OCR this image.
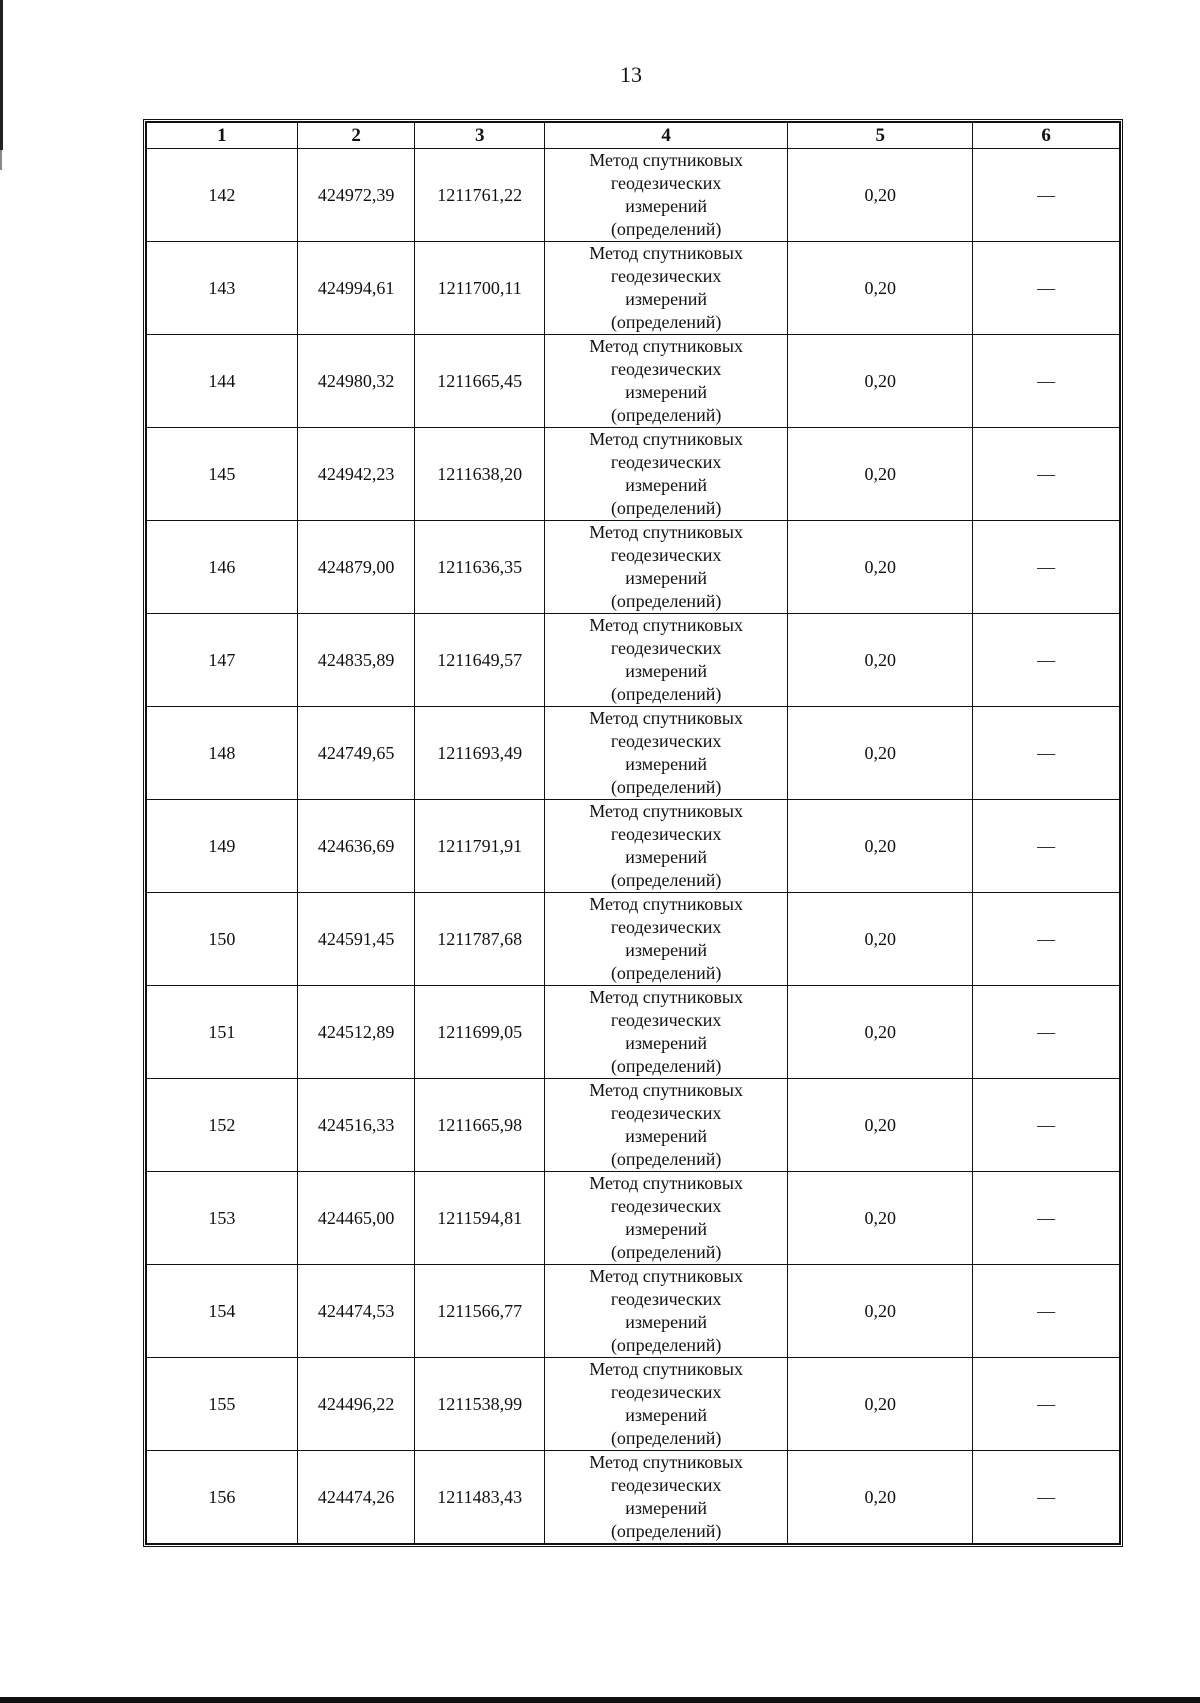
13
1	2	3	4	5	6
142	424972,39	1211761,22	Метод спутниковых
геодезических
измерений
(определений)	0,20	—
143	424994,61	1211700,11	Метод спутниковых
геодезических
измерений
(определений)	0,20	—
144	424980,32	1211665,45	Метод спутниковых
геодезических
измерений
(определений)	0,20	—
145	424942,23	1211638,20	Метод спутниковых
геодезических
измерений
(определений)	0,20	—
146	424879,00	1211636,35	Метод спутниковых
геодезических
измерений
(определений)	0,20	—
147	424835,89	1211649,57	Метод спутниковых
геодезических
измерений
(определений)	0,20	—
148	424749,65	1211693,49	Метод спутниковых
геодезических
измерений
(определений)	0,20	—
149	424636,69	1211791,91	Метод спутниковых
геодезических
измерений
(определений)	0,20	—
150	424591,45	1211787,68	Метод спутниковых
геодезических
измерений
(определений)	0,20	—
151	424512,89	1211699,05	Метод спутниковых
геодезических
измерений
(определений)	0,20	—
152	424516,33	1211665,98	Метод спутниковых
геодезических
измерений
(определений)	0,20	—
153	424465,00	1211594,81	Метод спутниковых
геодезических
измерений
(определений)	0,20	—
154	424474,53	1211566,77	Метод спутниковых
геодезических
измерений
(определений)	0,20	—
155	424496,22	1211538,99	Метод спутниковых
геодезических
измерений
(определений)	0,20	—
156	424474,26	1211483,43	Метод спутниковых
геодезических
измерений
(определений)	0,20	—
